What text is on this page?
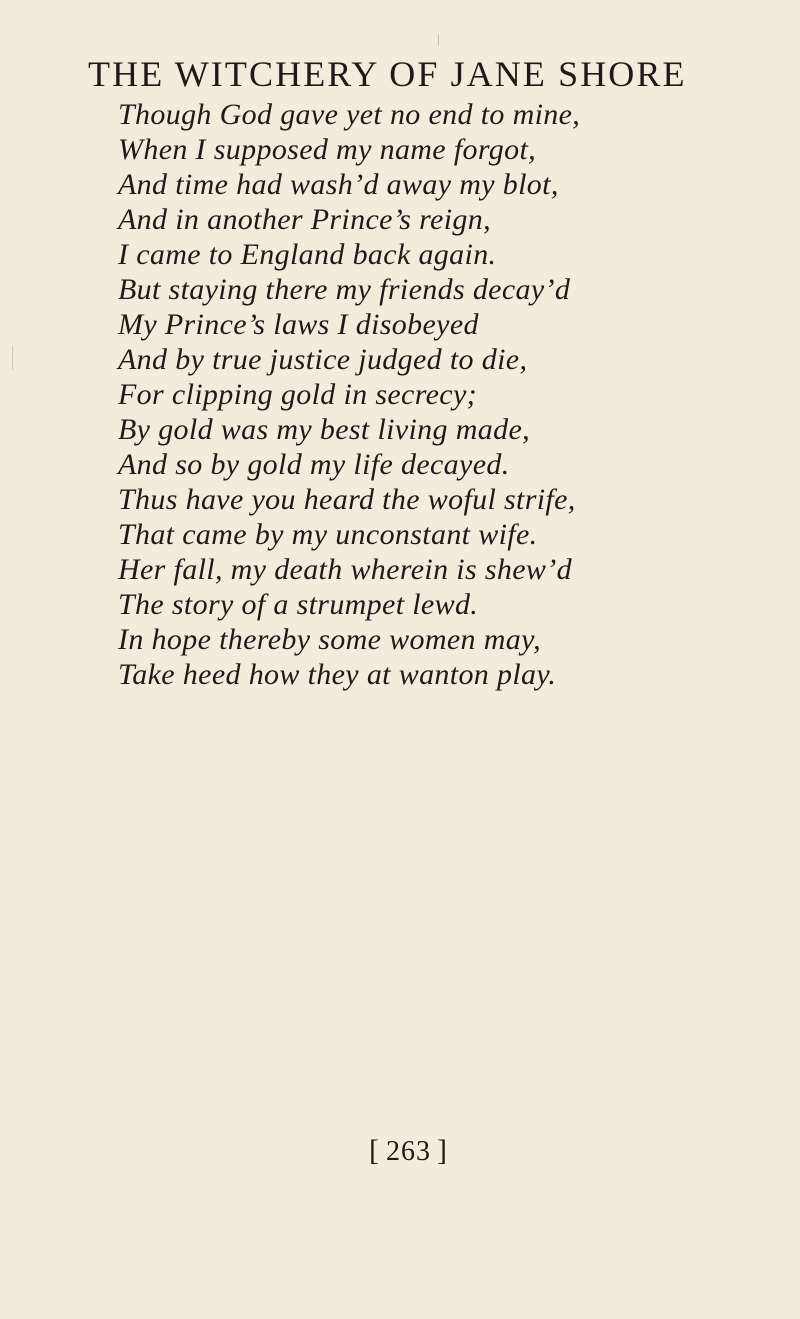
THE WITCHERY OF JANE SHORE
Though God gave yet no end to mine,
When I supposed my name forgot,
And time had wash’d away my blot,
And in another Prince’s reign,
I came to England back again.
But staying there my friends decay’d
My Prince’s laws I disobeyed
And by true justice judged to die,
For clipping gold in secrecy;
By gold was my best living made,
And so by gold my life decayed.
Thus have you heard the woful strife,
That came by my unconstant wife.
Her fall, my death wherein is shew’d
The story of a strumpet lewd.
In hope thereby some women may,
Take heed how they at wanton play.
[ 263 ]
